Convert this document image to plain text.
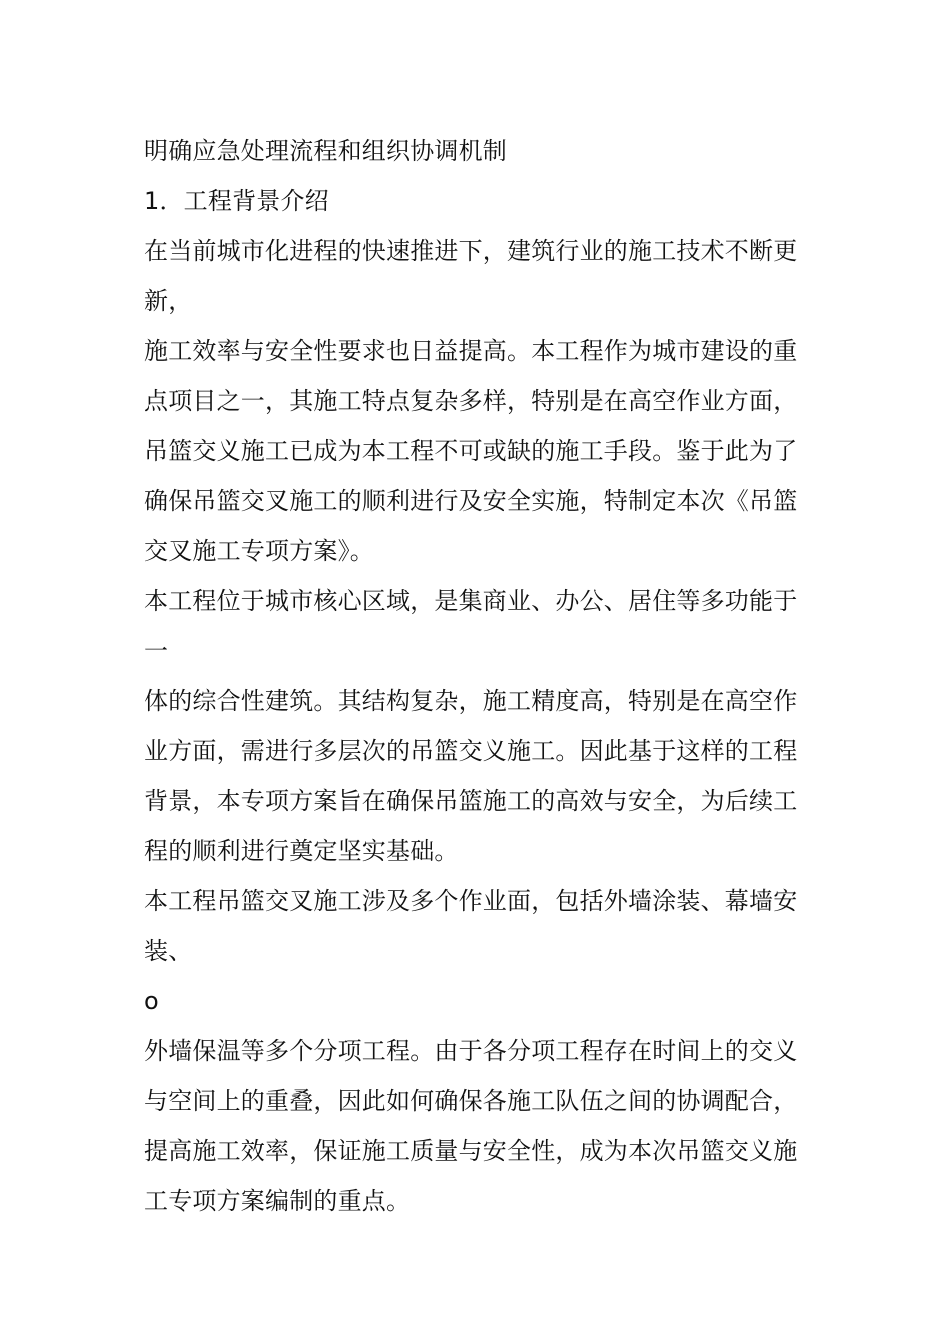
明确应急处理流程和组织协调机制
1．工程背景介绍
在当前城市化进程的快速推进下，建筑行业的施工技术不断更
新，
施工效率与安全性要求也日益提高。本工程作为城市建设的重
点项目之一，其施工特点复杂多样，特别是在高空作业方面，
吊篮交义施工已成为本工程不可或缺的施工手段。鉴于此为了
确保吊篮交叉施工的顺利进行及安全实施，特制定本次《吊篮
交叉施工专项方案》。
本工程位于城市核心区域，是集商业、办公、居住等多功能于
一
体的综合性建筑。其结构复杂，施工精度高，特别是在高空作
业方面，需进行多层次的吊篮交义施工。因此基于这样的工程
背景，本专项方案旨在确保吊篮施工的高效与安全，为后续工
程的顺利进行奠定坚实基础。
本工程吊篮交叉施工涉及多个作业面，包括外墙涂装、幕墙安
装、
o
外墙保温等多个分项工程。由于各分项工程存在时间上的交义
与空间上的重叠，因此如何确保各施工队伍之间的协调配合，
提高施工效率，保证施工质量与安全性，成为本次吊篮交义施
工专项方案编制的重点。
